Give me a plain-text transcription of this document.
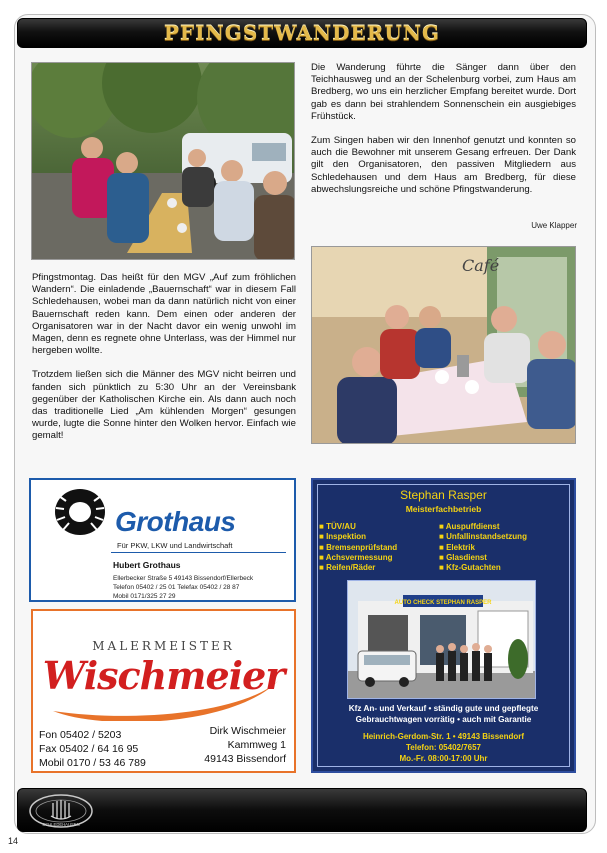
PFINGSTWANDERUNG

Die Wanderung führte die Sänger dann über den Teichhausweg und an der Schelenburg vorbei, zum Haus am Bredberg, wo uns ein herzlicher Empfang bereitet wurde. Dort gab es dann bei strahlendem Sonnenschein ein ausgiebiges Frühstück.

Zum Singen haben wir den Innenhof genutzt und konnten so auch die Bewohner mit unserem Gesang erfreuen. Der Dank gilt den Organisatoren, den passiven Mitgliedern aus Schledehausen und dem Haus am Bredberg, für diese abwechslungsreiche und schöne Pfingstwanderung.

Uwe Klapper
Café

Pfingstmontag. Das heißt für den MGV „Auf zum fröhlichen Wandern“. Die einladende „Bauernschaft“ war in diesem Fall Schledehausen, wobei man da dann natürlich nicht von einer Bauernschaft reden kann. Dem einen oder anderen der Organisatoren war in der Nacht davor ein wenig unwohl im Magen, denn es regnete ohne Unterlass, was der Himmel nur hergeben wollte.

Trotzdem ließen sich die Männer des MGV nicht beirren und fanden sich pünktlich zu 5:30 Uhr an der Vereinsbank gegenüber der Katholischen Kirche ein. Als dann auch noch das traditionelle Lied „Am kühlenden Morgen“ gesungen wurde, lugte die Sonne hinter den Wolken hervor. Einfach wie gemalt!

Grothaus
Für PKW, LKW und Landwirtschaft
Hubert Grothaus
Ellerbecker Straße 5 49143 Bissendorf/Ellerbeck
Telefon 05402 / 25 01 Telefax 05402 / 28 87
Mobil 0171/325 27 29
MALERMEISTER
Wischmeier
Fon 05402 / 5203
Fax 05402 / 64 16 95
Mobil 0170 / 53 46 789
Dirk Wischmeier
Kammweg 1
49143 Bissendorf
Stephan Rasper
Meisterfachbetrieb
■ TÜV/AU
■ Inspektion
■ Bremsenprüfstand
■ Achsvermessung
■ Reifen/Räder
■ Auspuffdienst
■ Unfallinstandsetzung
■ Elektrik
■ Glasdienst
■ Kfz-Gutachten
AUTO CHECK STEPHAN RASPER
Kfz An- und Verkauf • ständig gute und gepflegte
Gebrauchtwagen vorrätig • auch mit Garantie
Heinrich-Gerdom-Str. 1 • 49143 Bissendorf
Telefon: 05402/7657
Mo.-Fr. 08:00-17:00 Uhr
SCHLEDEHAUSEN
14
